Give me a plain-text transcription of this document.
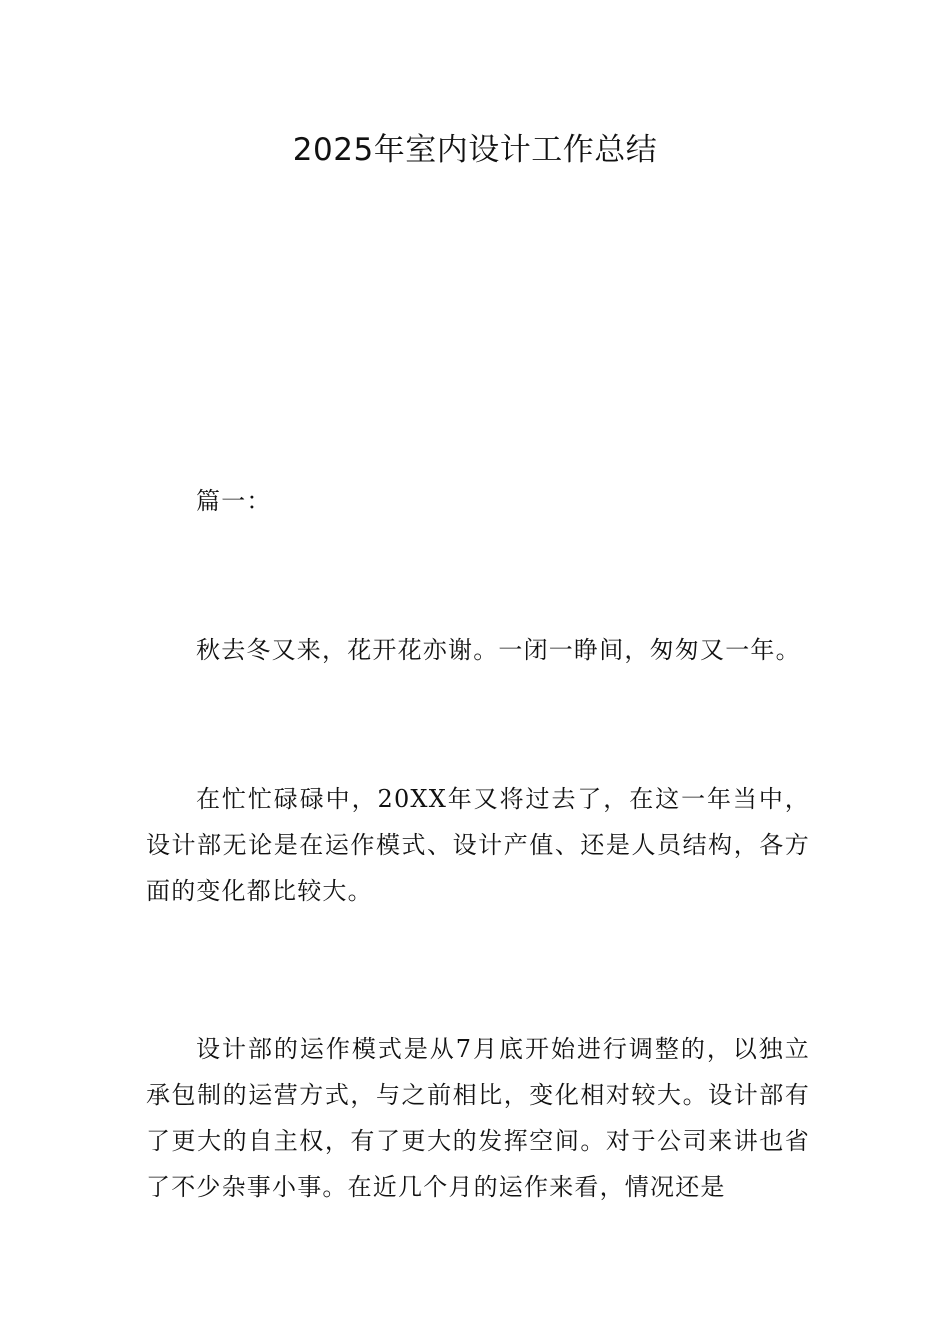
2025年室内设计工作总结

篇一：

秋去冬又来，花开花亦谢。一闭一睁间，匆匆又一年。

在忙忙碌碌中，20XX年又将过去了，在这一年当中，设计部无论是在运作模式、设计产值、还是人员结构，各方面的变化都比较大。

设计部的运作模式是从7月底开始进行调整的，以独立承包制的运营方式，与之前相比，变化相对较大。设计部有了更大的自主权，有了更大的发挥空间。对于公司来讲也省了不少杂事小事。在近几个月的运作来看，情况还是
